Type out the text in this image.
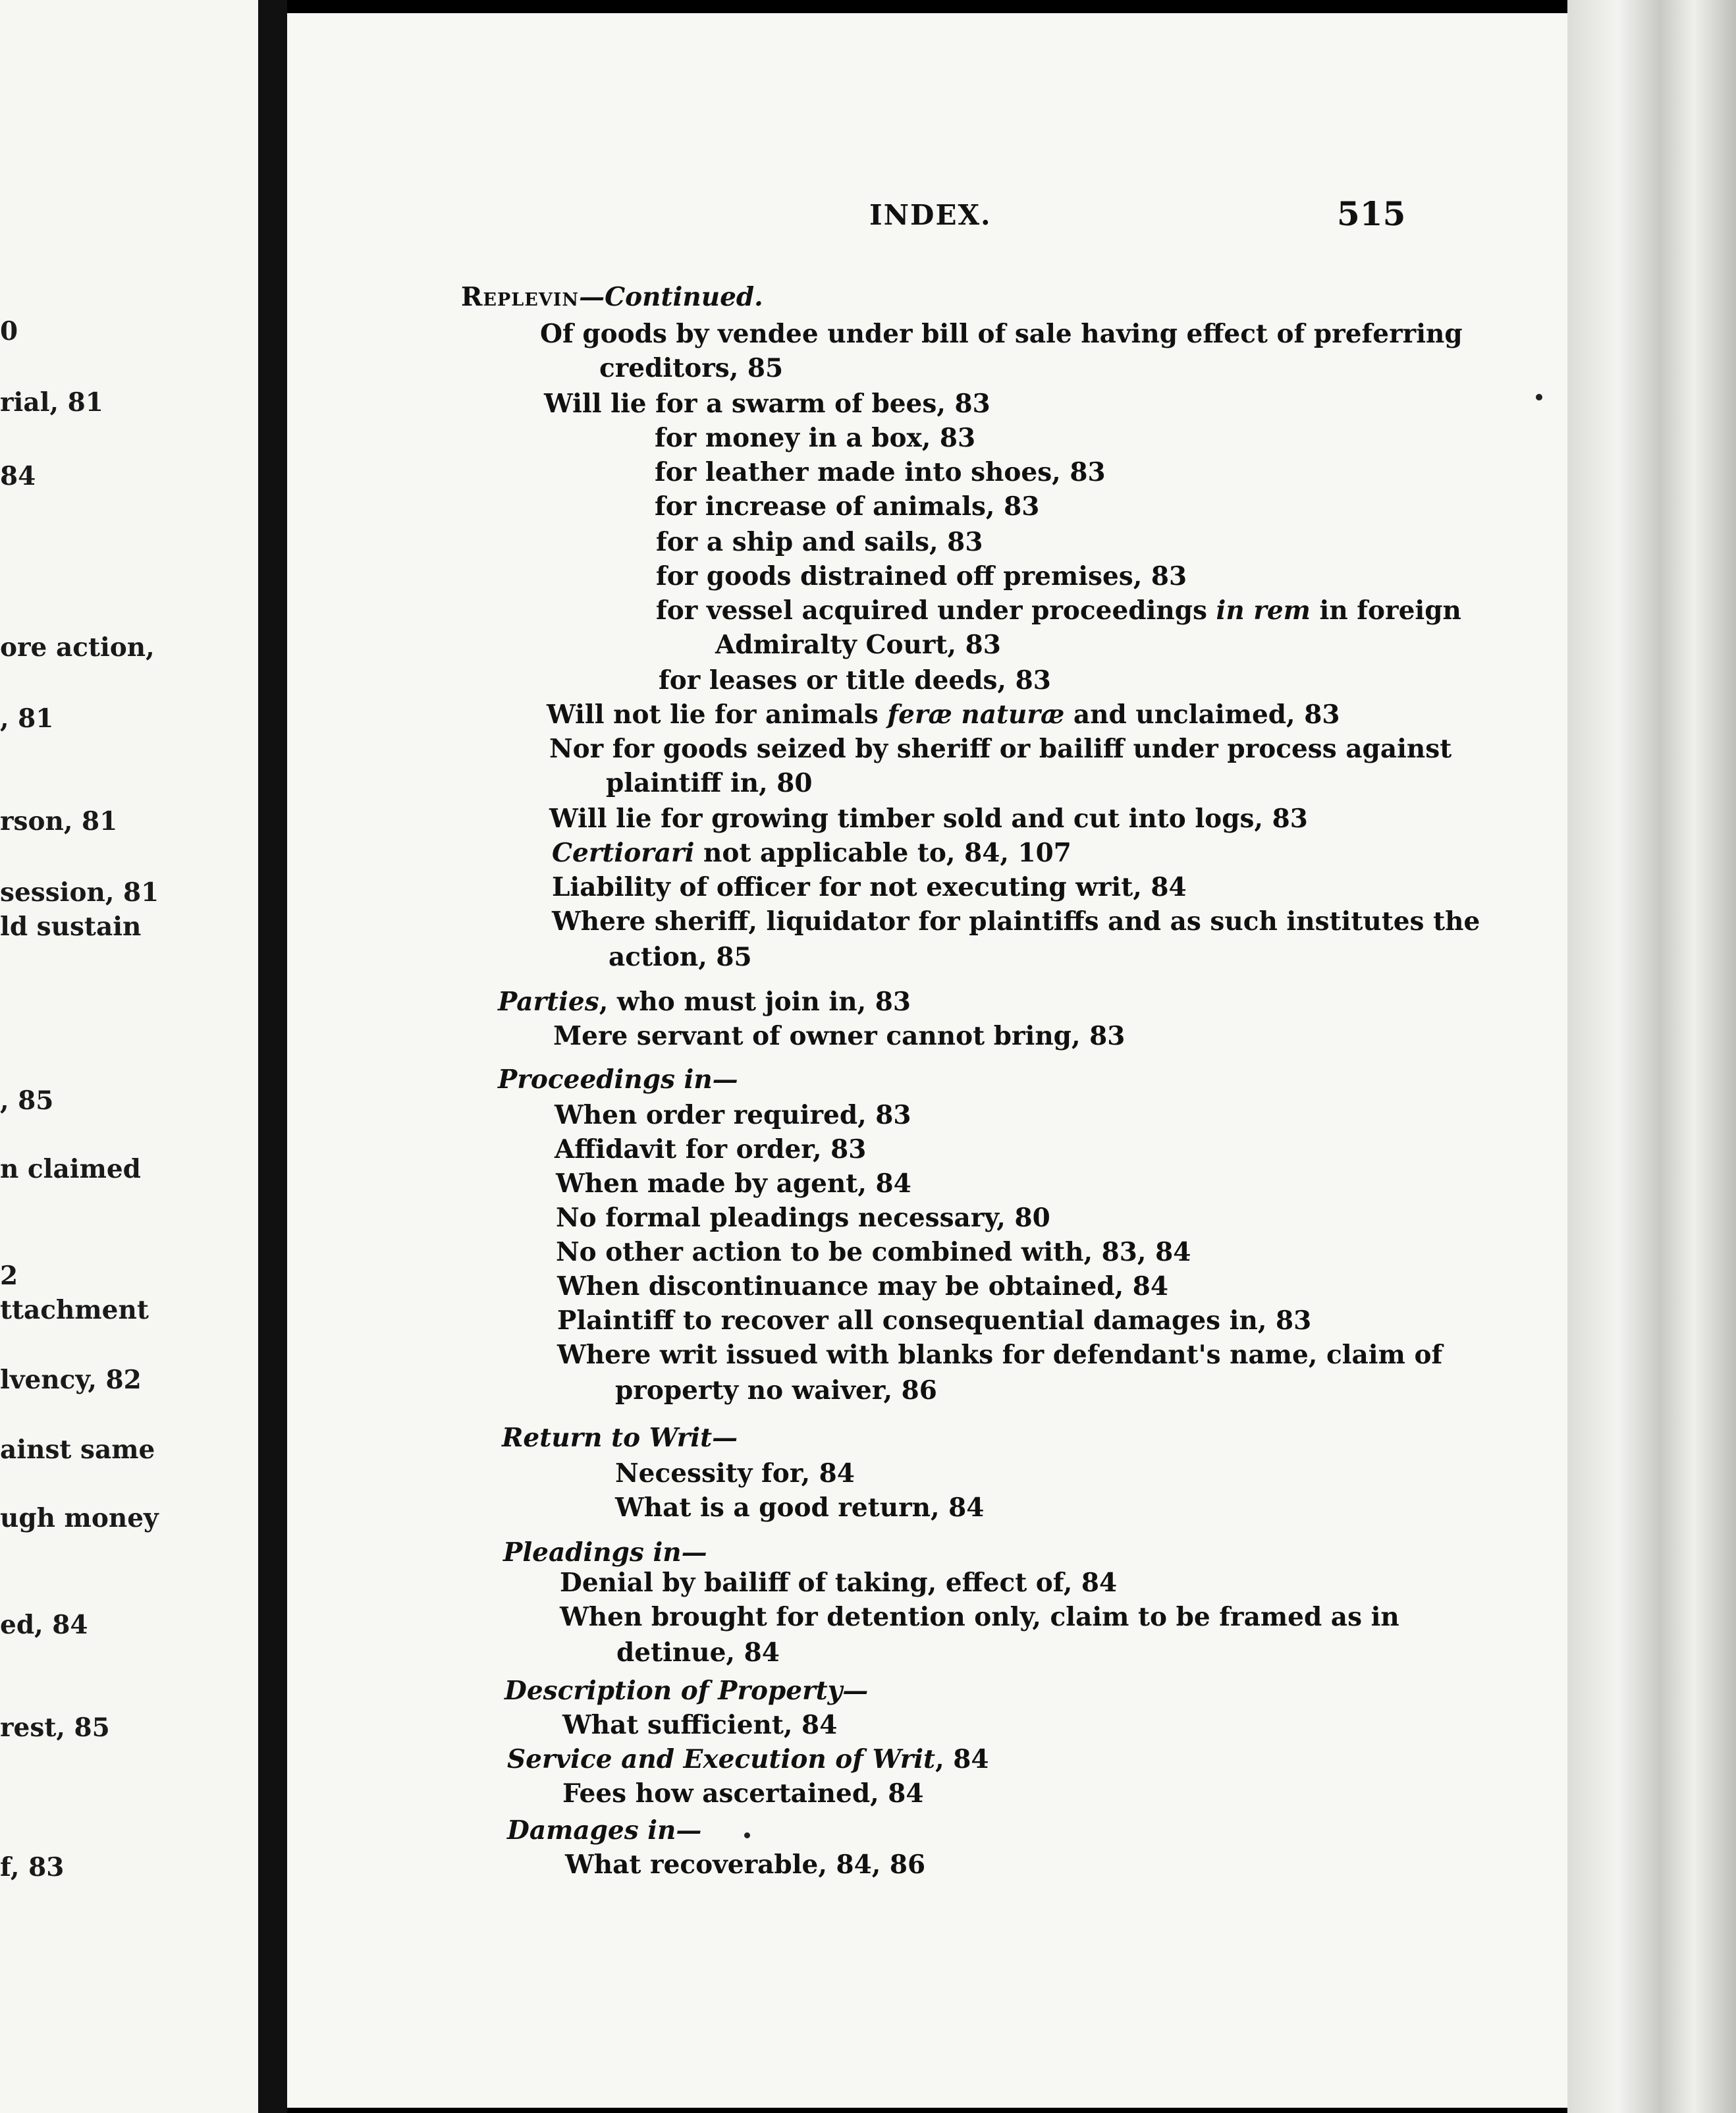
0
rial, 81
84
ore action,
, 81
rson, 81
session, 81
ld sustain
, 85
n claimed
2
ttachment
lvency, 82
ainst same
ugh money
ed, 84
rest, 85
f, 83
INDEX.	515
Replevin—Continued.
Of goods by vendee under bill of sale having effect of preferring
creditors, 85
Will lie for a swarm of bees, 83
for money in a box, 83
for leather made into shoes, 83
for increase of animals, 83
for a ship and sails, 83
for goods distrained off premises, 83
for vessel acquired under proceedings in rem in foreign
Admiralty Court, 83
for leases or title deeds, 83
Will not lie for animals feræ naturæ and unclaimed, 83
Nor for goods seized by sheriff or bailiff under process against
plaintiff in, 80
Will lie for growing timber sold and cut into logs, 83
Certiorari not applicable to, 84, 107
Liability of officer for not executing writ, 84
Where sheriff, liquidator for plaintiffs and as such institutes the
action, 85
Parties, who must join in, 83
Mere servant of owner cannot bring, 83
Proceedings in—
When order required, 83
Affidavit for order, 83
When made by agent, 84
No formal pleadings necessary, 80
No other action to be combined with, 83, 84
When discontinuance may be obtained, 84
Plaintiff to recover all consequential damages in, 83
Where writ issued with blanks for defendant's name, claim of
property no waiver, 86
Return to Writ—
Necessity for, 84
What is a good return, 84
Pleadings in—
Denial by bailiff of taking, effect of, 84
When brought for detention only, claim to be framed as in
detinue, 84
Description of Property—
What sufficient, 84
Service and Execution of Writ, 84
Fees how ascertained, 84
Damages in—
What recoverable, 84, 86
